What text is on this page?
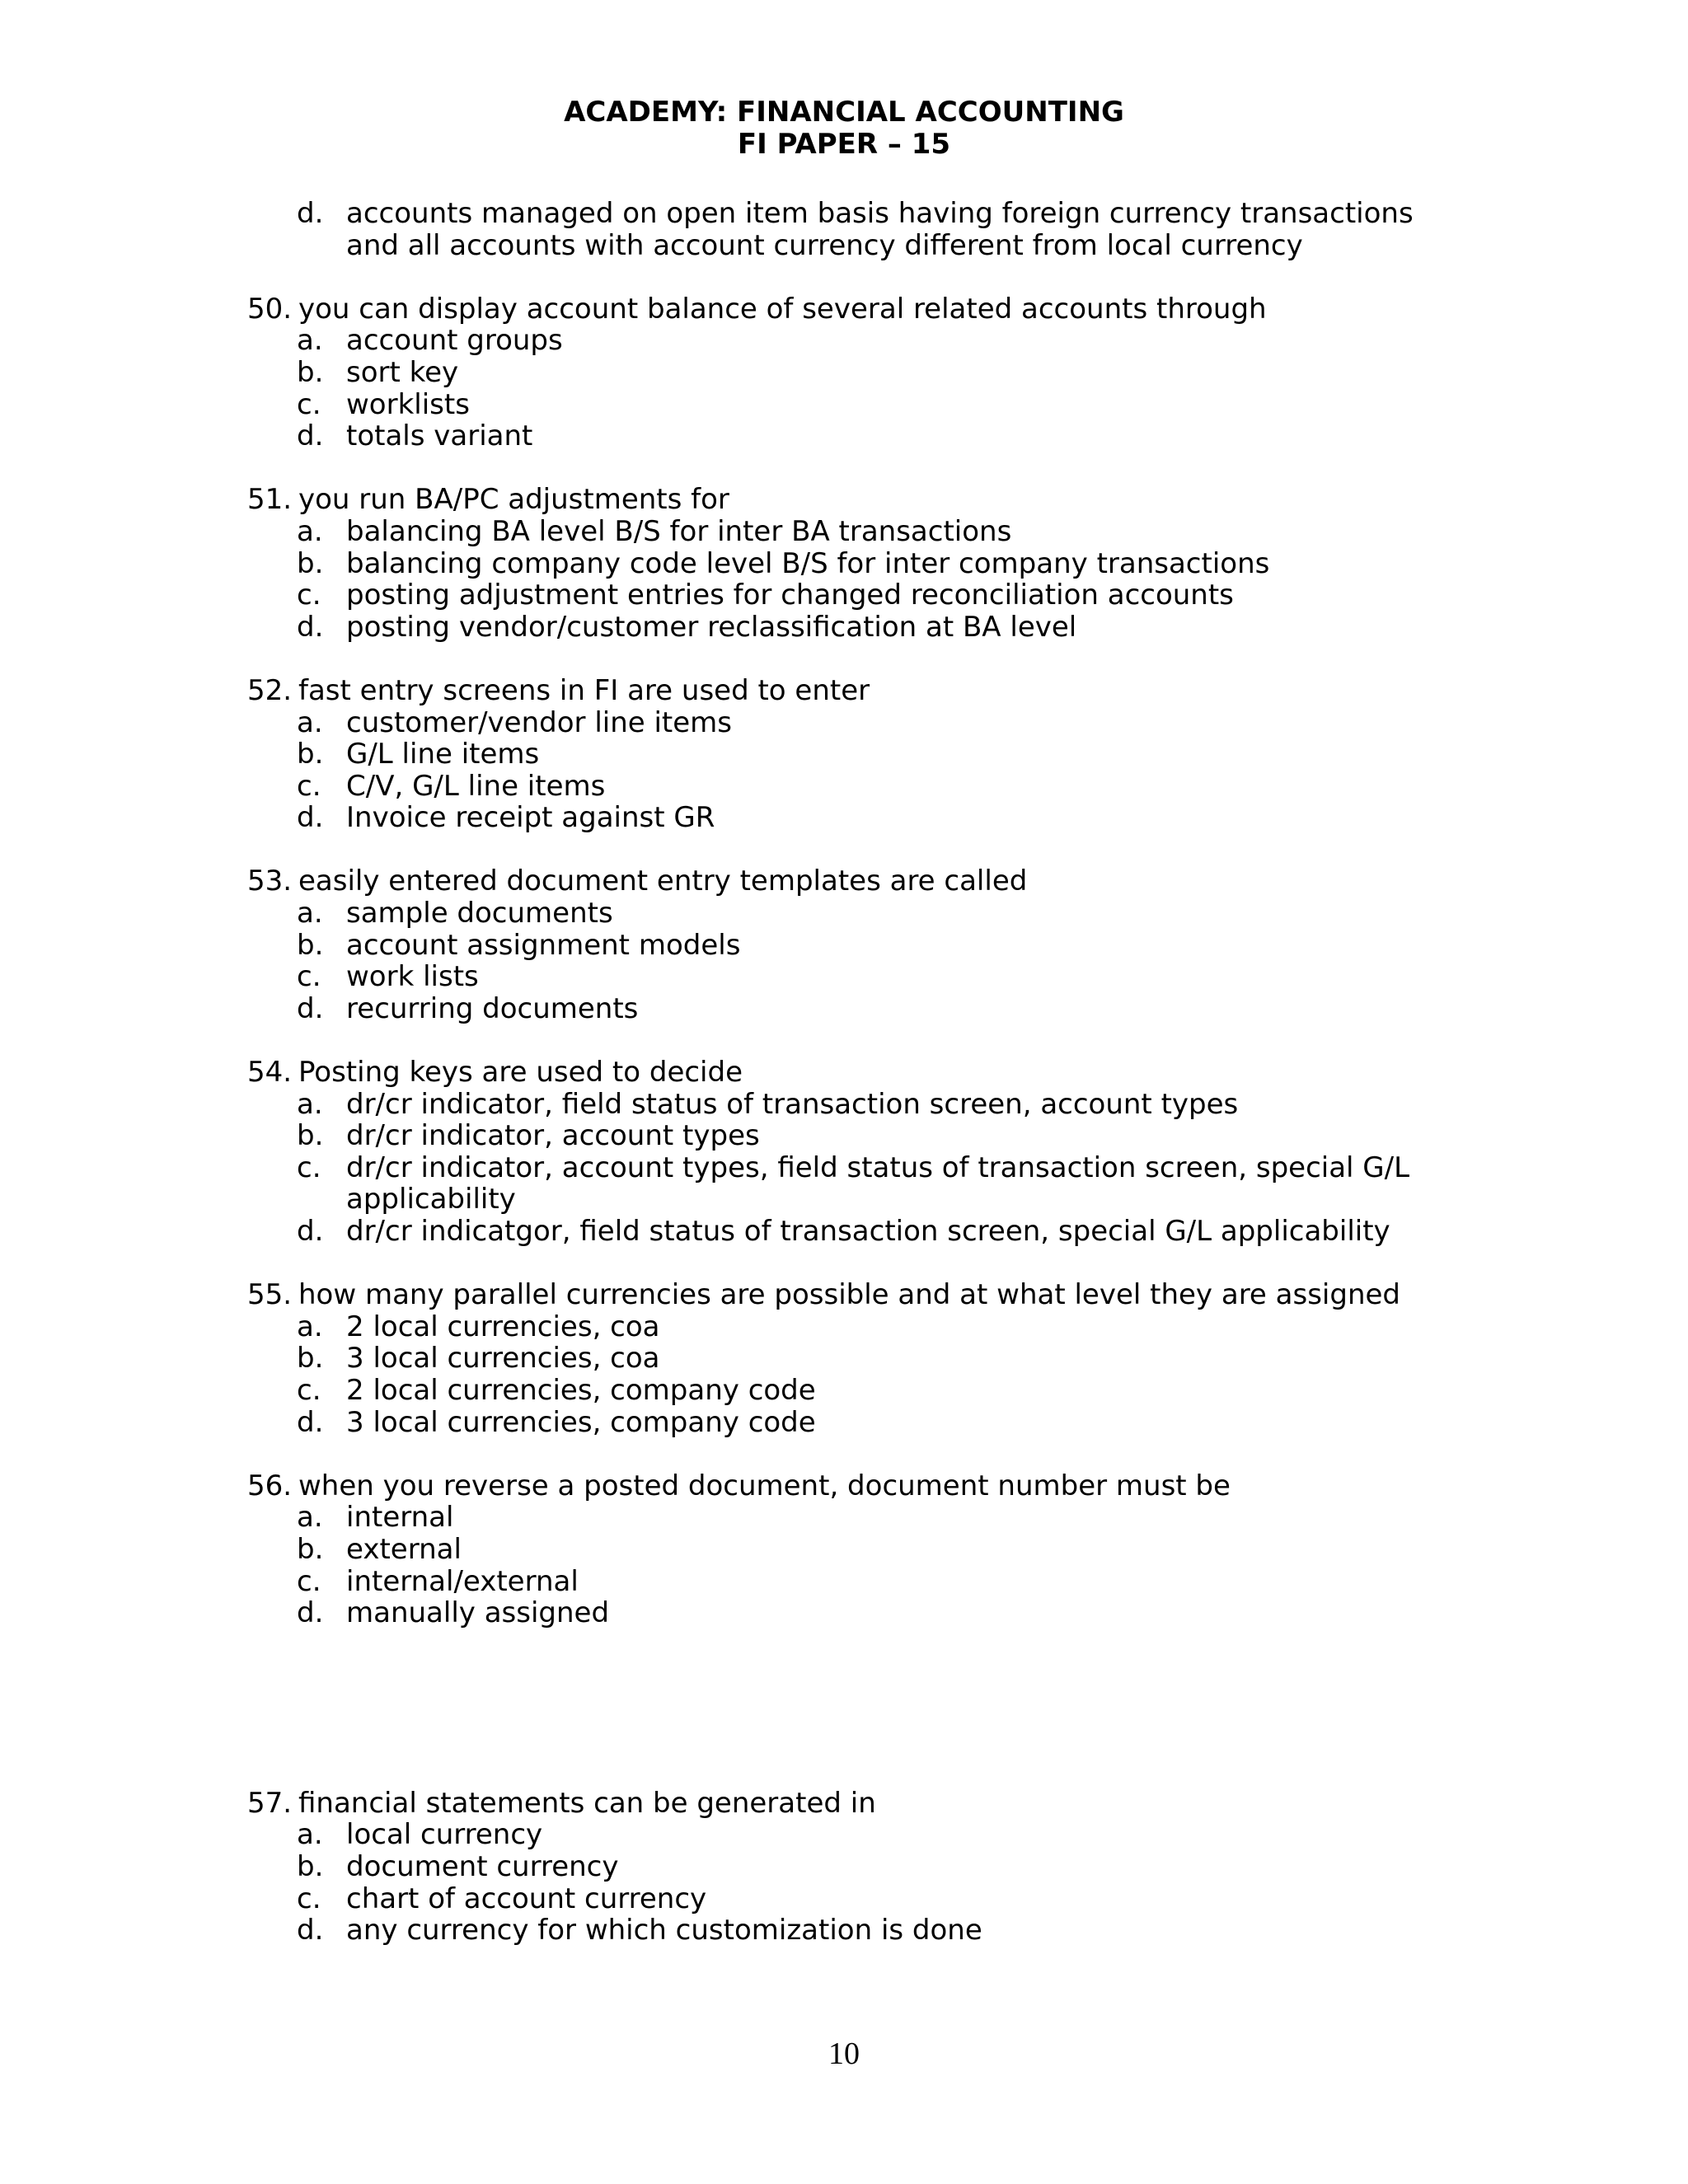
ACADEMY: FINANCIAL ACCOUNTING
FI PAPER – 15
d. accounts managed on open item basis having foreign currency transactions
and all accounts with account currency different from local currency
50. you can display account balance of several related accounts through
a. account groups
b. sort key
c. worklists
d. totals variant
51. you run BA/PC adjustments for
a. balancing BA level B/S for inter BA transactions
b. balancing company code level B/S for inter company transactions
c. posting adjustment entries for changed reconciliation accounts
d. posting vendor/customer reclassification at BA level
52. fast entry screens in FI are used to enter
a. customer/vendor line items
b. G/L line items
c. C/V, G/L line items
d. Invoice receipt against GR
53. easily entered document entry templates are called
a. sample documents
b. account assignment models
c. work lists
d. recurring documents
54. Posting keys are used to decide
a. dr/cr indicator, field status of transaction screen, account types
b. dr/cr indicator, account types
c. dr/cr indicator, account types, field status of transaction screen, special G/L applicability
d. dr/cr indicatgor, field status of transaction screen, special G/L applicability
55. how many parallel currencies are possible and at what level they are assigned
a. 2 local currencies, coa
b. 3 local currencies, coa
c. 2 local currencies, company code
d. 3 local currencies, company code
56. when you reverse a posted document, document number must be
a. internal
b. external
c. internal/external
d. manually assigned
57. financial statements can be generated in
a. local currency
b. document currency
c. chart of account currency
d. any currency for which customization is done
10
